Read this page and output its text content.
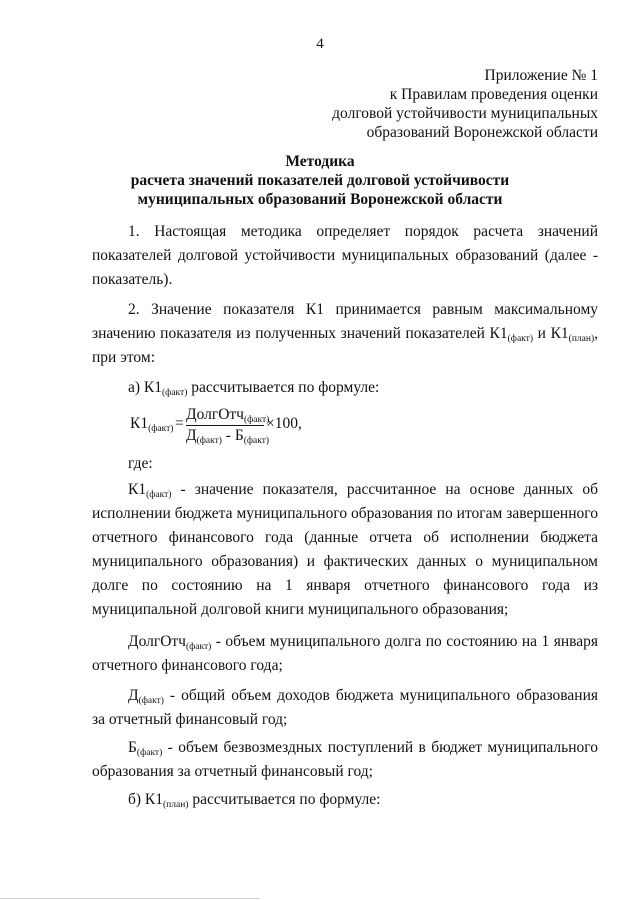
4
Приложение № 1
к Правилам проведения оценки
долговой устойчивости муниципальных
образований Воронежской области
Методика
расчета значений показателей долговой устойчивости
муниципальных образований Воронежской области
1. Настоящая методика определяет порядок расчета значений показателей долговой устойчивости муниципальных образований (далее - показатель).
2. Значение показателя К1 принимается равным максимальному значению показателя из полученных значений показателей $К1_{(факт)}$ и $К1_{(план)}$, при этом:
а) $К1_{(факт)}$ рассчитывается по формуле:
$К1_{(факт)}$ =
ДолгОтч$_{(факт)}$
$Д_{(факт)} - Б_{(факт)}$
×100,
где:
$К1_{(факт)}$ - значение показателя, рассчитанное на основе данных об исполнении бюджета муниципального образования по итогам завершенного отчетного финансового года (данные отчета об исполнении бюджета муниципального образования) и фактических данных о муниципальном долге по состоянию на 1 января отчетного финансового года из муниципальной долговой книги муниципального образования;
ДолгОтч$_{(факт)}$ - объем муниципального долга по состоянию на 1 января отчетного финансового года;
$Д_{(факт)}$ - общий объем доходов бюджета муниципального образования за отчетный финансовый год;
$Б_{(факт)}$ - объем безвозмездных поступлений в бюджет муниципального образования за отчетный финансовый год;
б) $К1_{(план)}$ рассчитывается по формуле:
